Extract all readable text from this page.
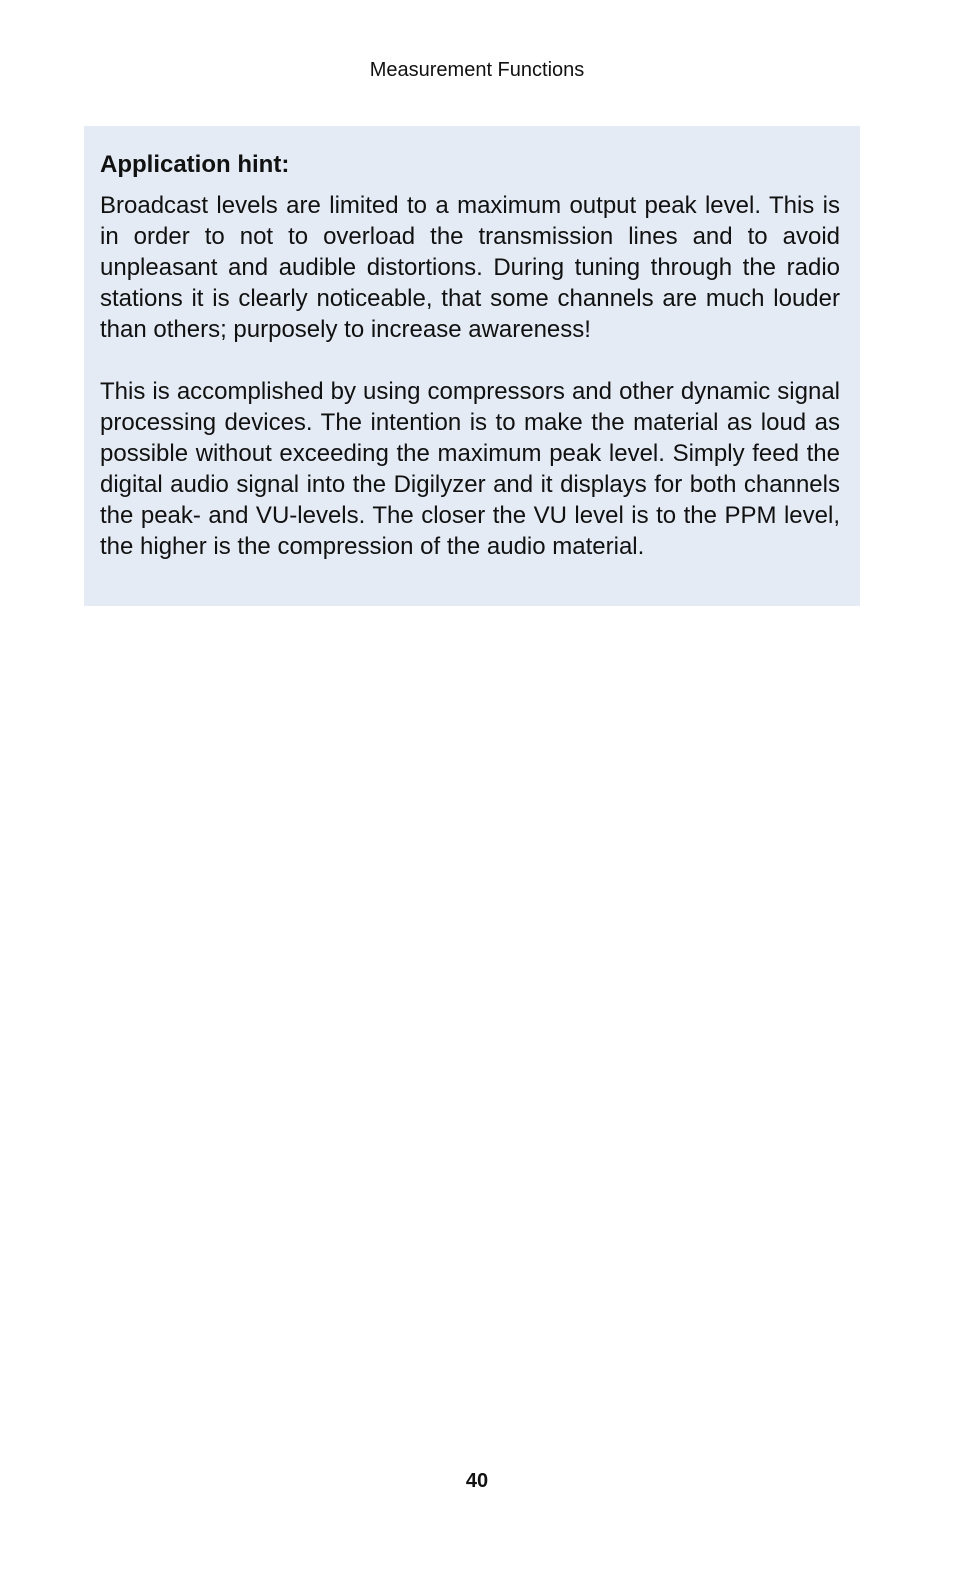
Measurement Functions

Application hint:

Broadcast levels are limited to a maximum output peak level. This is in order to not to overload the transmission lines and to avoid unpleasant and audible distortions. During tuning through the radio stations it is clearly noticeable, that some channels are much louder than others; purposely to increase awareness!

This is accomplished by using compressors and other dynamic signal processing devices. The intention is to make the material as loud as possible without exceeding the maximum peak level. Simply feed the digital audio signal into the Digilyzer and it displays for both channels the peak- and VU-levels. The closer the VU level is to the PPM level, the higher is the compression of the audio material.

40
